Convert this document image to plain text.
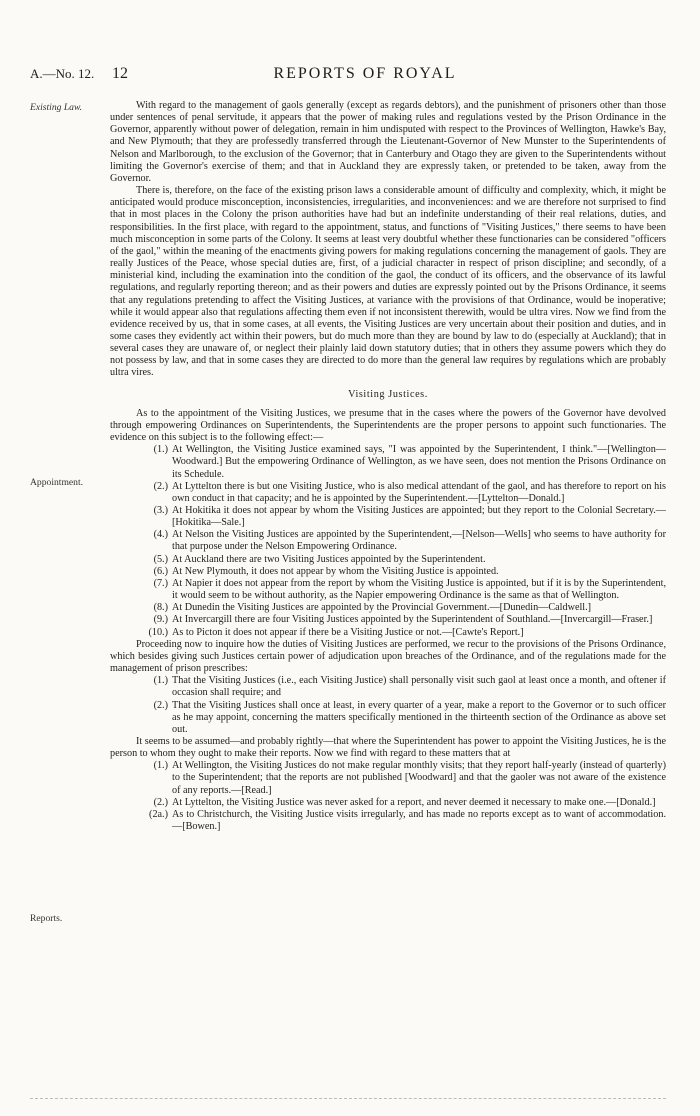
A.—No. 12. 12	REPORTS OF ROYAL
Existing Law.
Appointment.
Reports.

With regard to the management of gaols generally (except as regards debtors), and the punishment of prisoners other than those under sentences of penal servitude, it appears that the power of making rules and regulations vested by the Prison Ordinance in the Governor, apparently without power of delegation, remain in him undisputed with respect to the Provinces of Wellington, Hawke's Bay, and New Plymouth; that they are professedly transferred through the Lieutenant-Governor of New Munster to the Superintendents of Nelson and Marlborough, to the exclusion of the Governor; that in Canterbury and Otago they are given to the Superintendents without limiting the Governor's exercise of them; and that in Auckland they are expressly taken, or pretended to be taken, away from the Governor.

There is, therefore, on the face of the existing prison laws a considerable amount of difficulty and complexity, which, it might be anticipated would produce misconception, inconsistencies, irregularities, and inconveniences: and we are therefore not surprised to find that in most places in the Colony the prison authorities have had but an indefinite understanding of their real relations, duties, and responsibilities. In the first place, with regard to the appointment, status, and functions of "Visiting Justices," there seems to have been much misconception in some parts of the Colony. It seems at least very doubtful whether these functionaries can be considered "officers of the gaol," within the meaning of the enactments giving powers for making regulations concerning the management of gaols. They are really Justices of the Peace, whose special duties are, first, of a judicial character in respect of prison discipline; and secondly, of a ministerial kind, including the examination into the condition of the gaol, the conduct of its officers, and the observance of its lawful regulations, and regularly reporting thereon; and as their powers and duties are expressly pointed out by the Prisons Ordinance, it seems that any regulations pretending to affect the Visiting Justices, at variance with the provisions of that Ordinance, would be inoperative; while it would appear also that regulations affecting them even if not inconsistent therewith, would be ultra vires. Now we find from the evidence received by us, that in some cases, at all events, the Visiting Justices are very uncertain about their position and duties, and in some cases they evidently act within their powers, but do much more than they are bound by law to do (especially at Auckland); that in several cases they are unaware of, or neglect their plainly laid down statutory duties; that in others they assume powers which they do not possess by law, and that in some cases they are directed to do more than the general law requires by regulations which are probably ultra vires.

Visiting Justices.

As to the appointment of the Visiting Justices, we presume that in the cases where the powers of the Governor have devolved through empowering Ordinances on Superintendents, the Superintendents are the proper persons to appoint such functionaries. The evidence on this subject is to the following effect:—

(1.) At Wellington, the Visiting Justice examined says, "I was appointed by the Superintendent, I think."—[Wellington—Woodward.] But the empowering Ordinance of Wellington, as we have seen, does not mention the Prisons Ordinance on its Schedule.
(2.) At Lyttelton there is but one Visiting Justice, who is also medical attendant of the gaol, and has therefore to report on his own conduct in that capacity; and he is appointed by the Superintendent.—[Lyttelton—Donald.]
(3.) At Hokitika it does not appear by whom the Visiting Justices are appointed; but they report to the Colonial Secretary.—[Hokitika—Sale.]
(4.) At Nelson the Visiting Justices are appointed by the Superintendent,—[Nelson—Wells] who seems to have authority for that purpose under the Nelson Empowering Ordinance.
(5.) At Auckland there are two Visiting Justices appointed by the Superintendent.
(6.) At New Plymouth, it does not appear by whom the Visiting Justice is appointed.
(7.) At Napier it does not appear from the report by whom the Visiting Justice is appointed, but if it is by the Superintendent, it would seem to be without authority, as the Napier empowering Ordinance is the same as that of Wellington.
(8.) At Dunedin the Visiting Justices are appointed by the Provincial Government.—[Dunedin—Caldwell.]
(9.) At Invercargill there are four Visiting Justices appointed by the Superintendent of Southland.—[Invercargill—Fraser.]
(10.) As to Picton it does not appear if there be a Visiting Justice or not.—[Cawte's Report.]

Proceeding now to inquire how the duties of Visiting Justices are performed, we recur to the provisions of the Prisons Ordinance, which besides giving such Justices certain power of adjudication upon breaches of the Ordinance, and of the regulations made for the management of prison prescribes:

(1.) That the Visiting Justices (i.e., each Visiting Justice) shall personally visit such gaol at least once a month, and oftener if occasion shall require; and
(2.) That the Visiting Justices shall once at least, in every quarter of a year, make a report to the Governor or to such officer as he may appoint, concerning the matters specifically mentioned in the thirteenth section of the Ordinance as above set out.

It seems to be assumed—and probably rightly—that where the Superintendent has power to appoint the Visiting Justices, he is the person to whom they ought to make their reports. Now we find with regard to these matters that at

(1.) At Wellington, the Visiting Justices do not make regular monthly visits; that they report half-yearly (instead of quarterly) to the Superintendent; that the reports are not published [Woodward] and that the gaoler was not aware of the existence of any reports.—[Read.]
(2.) At Lyttelton, the Visiting Justice was never asked for a report, and never deemed it necessary to make one.—[Donald.]
(2a.) As to Christchurch, the Visiting Justice visits irregularly, and has made no reports except as to want of accommodation.—[Bowen.]
